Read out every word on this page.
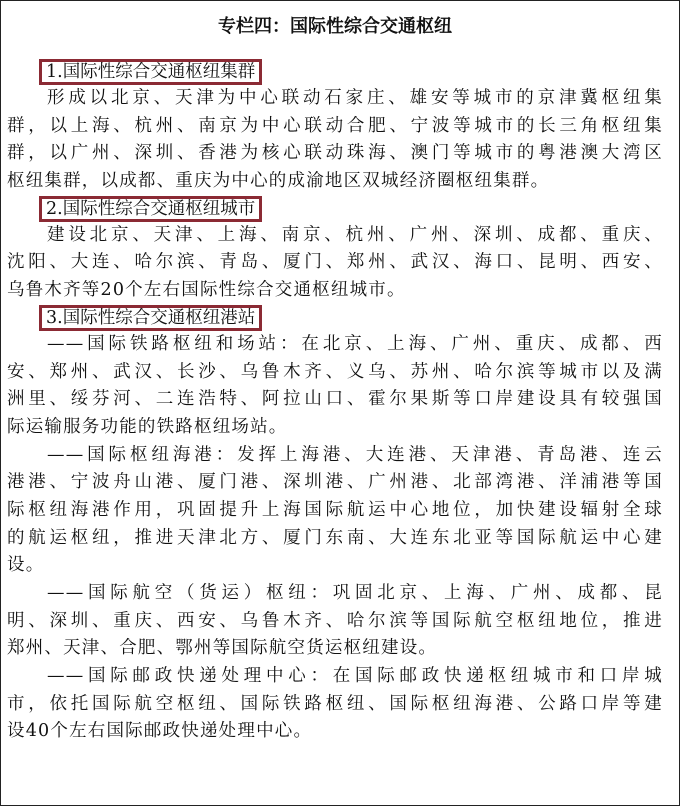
专栏四：国际性综合交通枢纽
1.国际性综合交通枢纽集群
形成以北京、天津为中心联动石家庄、雄安等城市的京津冀枢纽集
群，以上海、杭州、南京为中心联动合肥、宁波等城市的长三角枢纽集
群，以广州、深圳、香港为核心联动珠海、澳门等城市的粤港澳大湾区
枢纽集群，以成都、重庆为中心的成渝地区双城经济圈枢纽集群。
2.国际性综合交通枢纽城市
建设北京、天津、上海、南京、杭州、广州、深圳、成都、重庆、
沈阳、大连、哈尔滨、青岛、厦门、郑州、武汉、海口、昆明、西安、
乌鲁木齐等20个左右国际性综合交通枢纽城市。
3.国际性综合交通枢纽港站
——国际铁路枢纽和场站：在北京、上海、广州、重庆、成都、西
安、郑州、武汉、长沙、乌鲁木齐、义乌、苏州、哈尔滨等城市以及满
洲里、绥芬河、二连浩特、阿拉山口、霍尔果斯等口岸建设具有较强国
际运输服务功能的铁路枢纽场站。
——国际枢纽海港：发挥上海港、大连港、天津港、青岛港、连云
港港、宁波舟山港、厦门港、深圳港、广州港、北部湾港、洋浦港等国
际枢纽海港作用，巩固提升上海国际航运中心地位，加快建设辐射全球
的航运枢纽，推进天津北方、厦门东南、大连东北亚等国际航运中心建
设。
——国际航空（货运）枢纽：巩固北京、上海、广州、成都、昆
明、深圳、重庆、西安、乌鲁木齐、哈尔滨等国际航空枢纽地位，推进
郑州、天津、合肥、鄂州等国际航空货运枢纽建设。
——国际邮政快递处理中心：在国际邮政快递枢纽城市和口岸城
市，依托国际航空枢纽、国际铁路枢纽、国际枢纽海港、公路口岸等建
设40个左右国际邮政快递处理中心。
